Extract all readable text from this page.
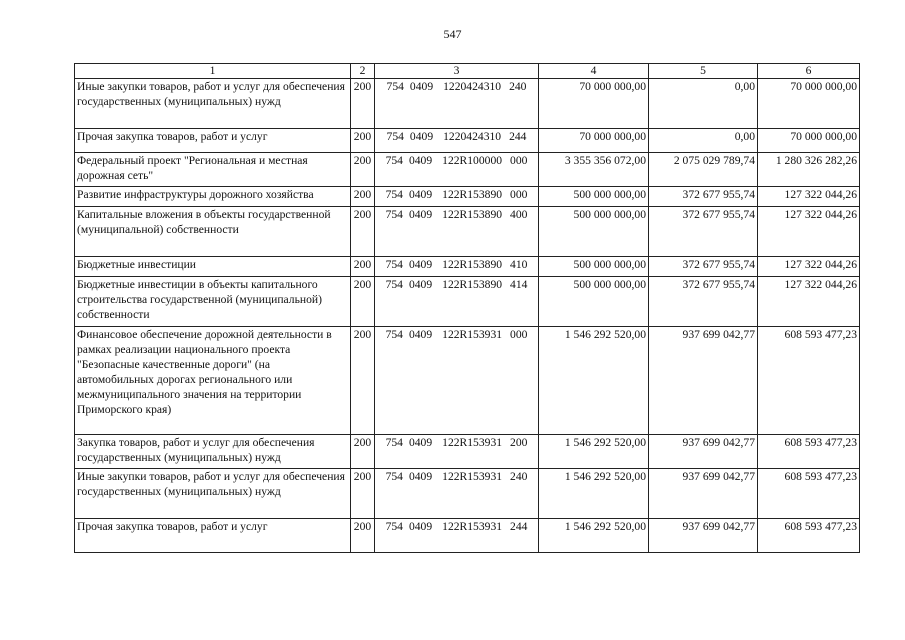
547
1	2	3	4	5	6
Иные закупки товаров, работ и услуг для обеспечения государственных (муниципальных) нужд	200	754 0409 1220424310 240	70 000 000,00	0,00	70 000 000,00
Прочая закупка товаров, работ и услуг	200	754 0409 1220424310 244	70 000 000,00	0,00	70 000 000,00
Федеральный проект "Региональная и местная дорожная сеть"	200	754 0409 122R100000 000	3 355 356 072,00	2 075 029 789,74	1 280 326 282,26
Развитие инфраструктуры дорожного хозяйства	200	754 0409 122R153890 000	500 000 000,00	372 677 955,74	127 322 044,26
Капитальные вложения в объекты государственной (муниципальной) собственности	200	754 0409 122R153890 400	500 000 000,00	372 677 955,74	127 322 044,26
Бюджетные инвестиции	200	754 0409 122R153890 410	500 000 000,00	372 677 955,74	127 322 044,26
Бюджетные инвестиции в объекты капитального строительства государственной (муниципальной) собственности	200	754 0409 122R153890 414	500 000 000,00	372 677 955,74	127 322 044,26
Финансовое обеспечение дорожной деятельности в рамках реализации национального проекта "Безопасные качественные дороги" (на автомобильных дорогах регионального или межмуниципального значения на территории Приморского края)	200	754 0409 122R153931 000	1 546 292 520,00	937 699 042,77	608 593 477,23
Закупка товаров, работ и услуг для обеспечения государственных (муниципальных) нужд	200	754 0409 122R153931 200	1 546 292 520,00	937 699 042,77	608 593 477,23
Иные закупки товаров, работ и услуг для обеспечения государственных (муниципальных) нужд	200	754 0409 122R153931 240	1 546 292 520,00	937 699 042,77	608 593 477,23
Прочая закупка товаров, работ и услуг	200	754 0409 122R153931 244	1 546 292 520,00	937 699 042,77	608 593 477,23
